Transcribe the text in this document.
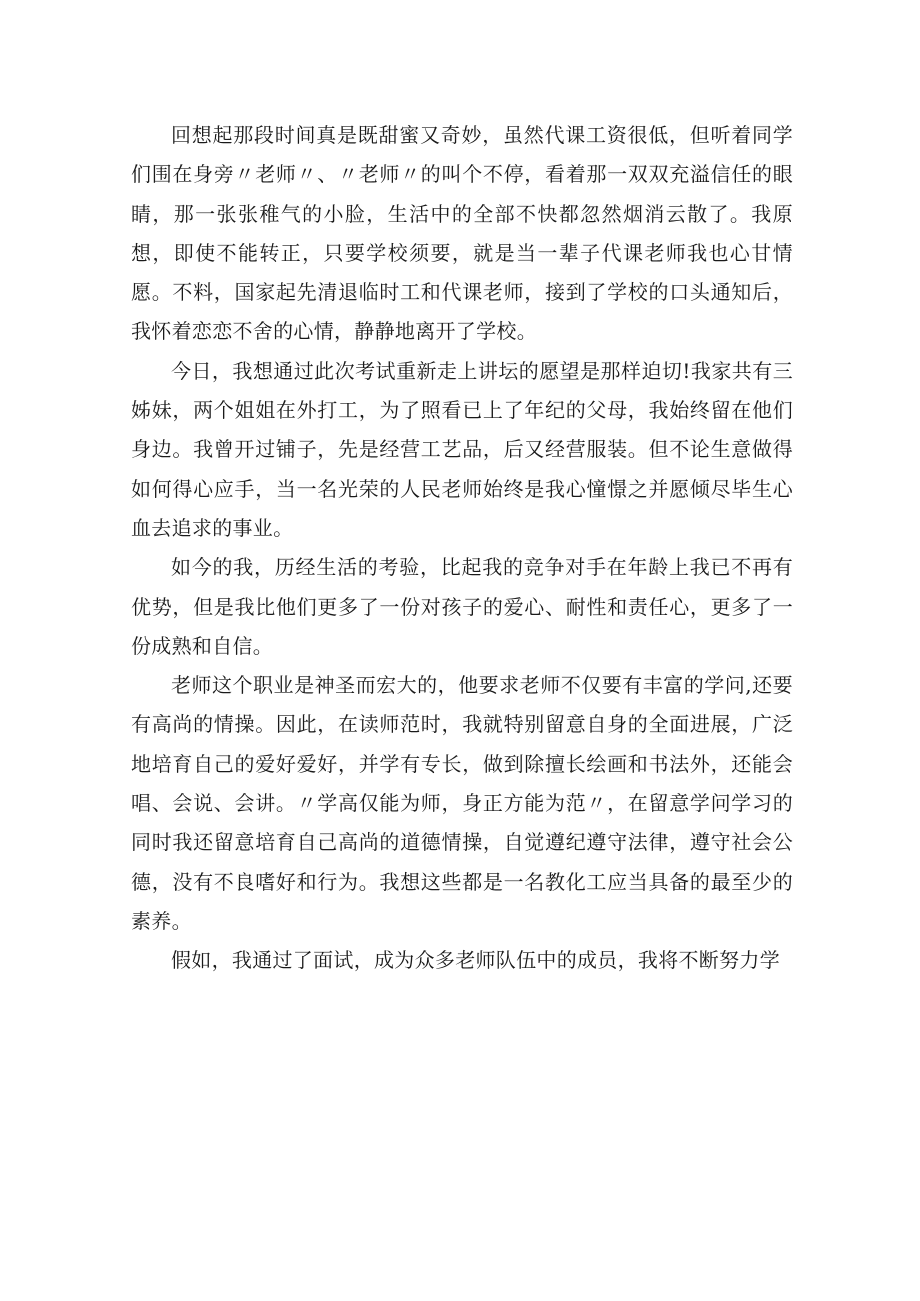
回想起那段时间真是既甜蜜又奇妙，虽然代课工资很低，但听着同学们围在身旁〃老师〃、〃老师〃的叫个不停，看着那一双双充溢信任的眼睛，那一张张稚气的小脸，生活中的全部不快都忽然烟消云散了。我原想，即使不能转正，只要学校须要，就是当一辈子代课老师我也心甘情愿。不料，国家起先清退临时工和代课老师，接到了学校的口头通知后，我怀着恋恋不舍的心情，静静地离开了学校。

今日，我想通过此次考试重新走上讲坛的愿望是那样迫切!我家共有三姊妹，两个姐姐在外打工，为了照看已上了年纪的父母，我始终留在他们身边。我曾开过铺子，先是经营工艺品，后又经营服装。但不论生意做得如何得心应手，当一名光荣的人民老师始终是我心憧憬之并愿倾尽毕生心血去追求的事业。

如今的我，历经生活的考验，比起我的竞争对手在年龄上我已不再有优势，但是我比他们更多了一份对孩子的爱心、耐性和责任心，更多了一份成熟和自信。

老师这个职业是神圣而宏大的，他要求老师不仅要有丰富的学问,还要有高尚的情操。因此，在读师范时，我就特别留意自身的全面进展，广泛地培育自己的爱好爱好，并学有专长，做到除擅长绘画和书法外，还能会唱、会说、会讲。〃学高仅能为师，身正方能为范〃，在留意学问学习的同时我还留意培育自己高尚的道德情操，自觉遵纪遵守法律，遵守社会公德，没有不良嗜好和行为。我想这些都是一名教化工应当具备的最至少的素养。

假如，我通过了面试，成为众多老师队伍中的成员，我将不断努力学
